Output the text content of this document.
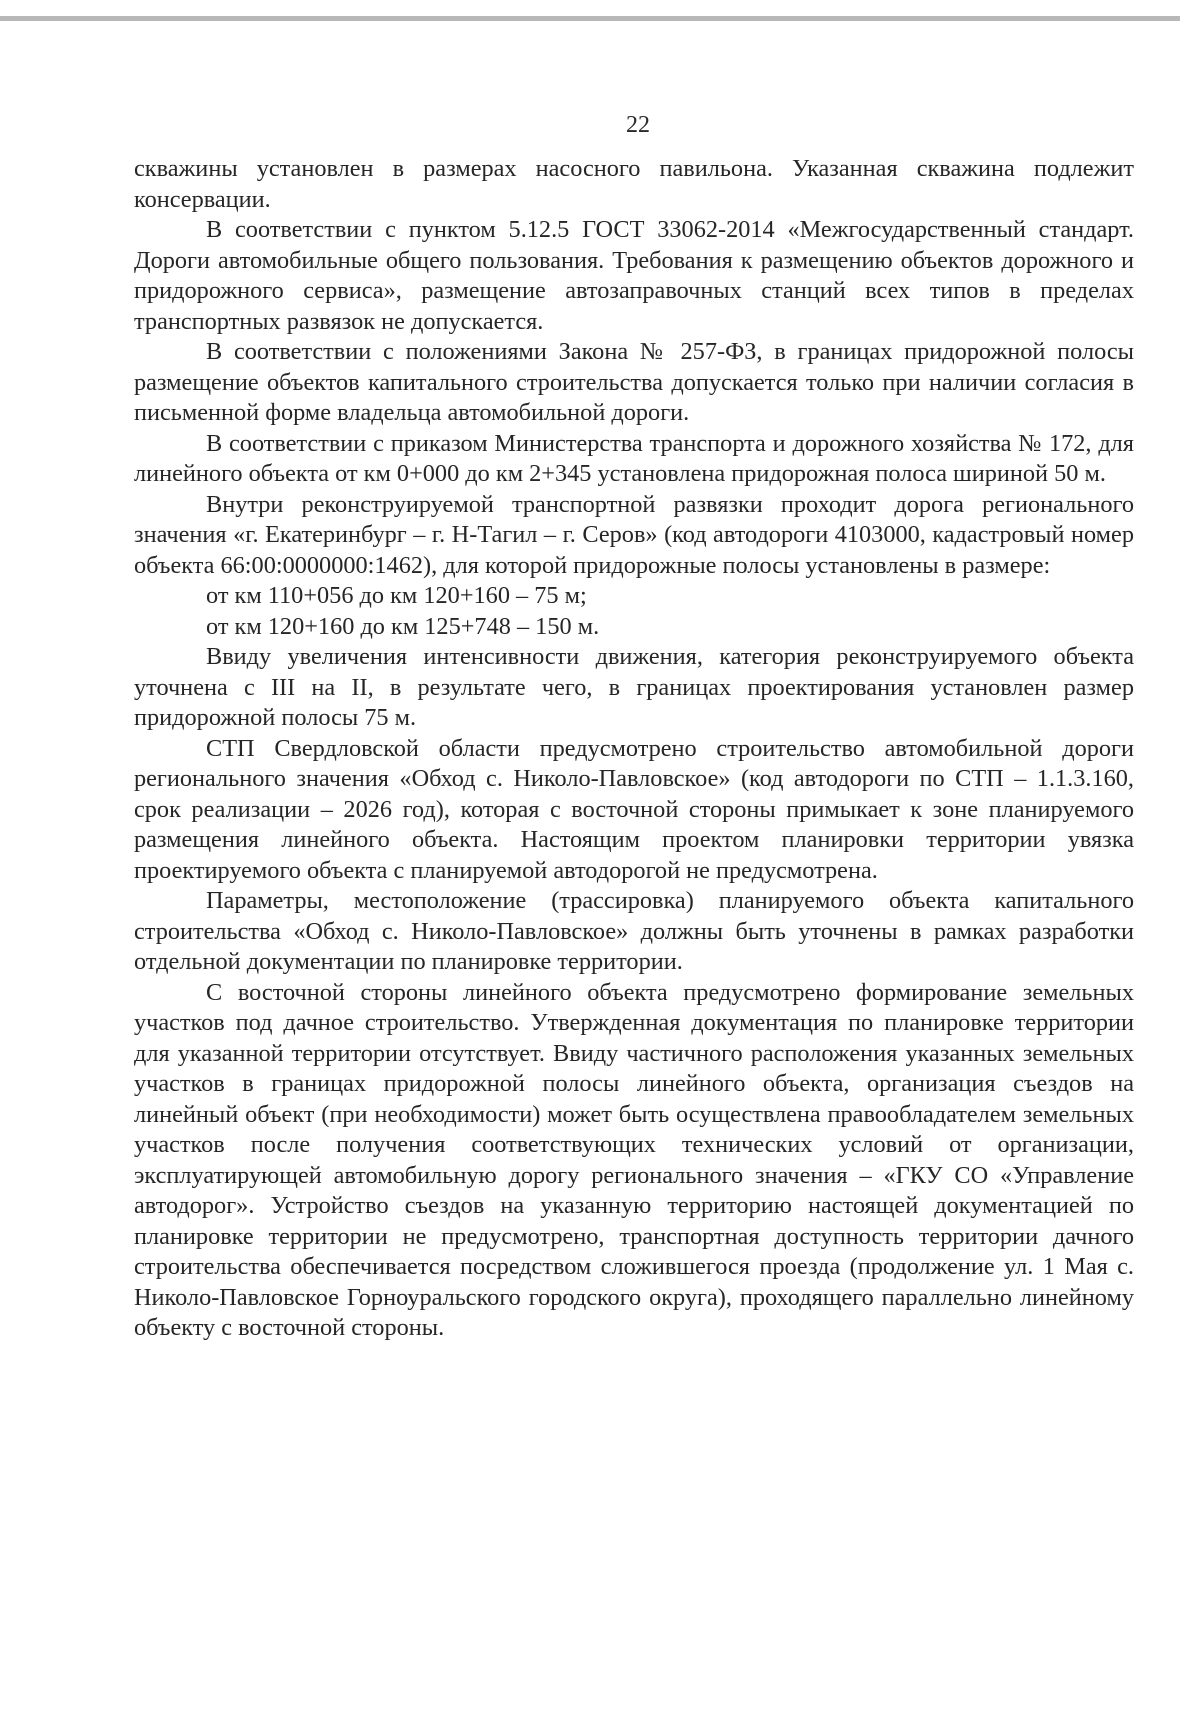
22

скважины установлен в размерах насосного павильона. Указанная скважина подлежит консервации.

В соответствии с пунктом 5.12.5 ГОСТ 33062-2014 «Межгосударственный стандарт. Дороги автомобильные общего пользования. Требования к размещению объектов дорожного и придорожного сервиса», размещение автозаправочных станций всех типов в пределах транспортных развязок не допускается.

В соответствии с положениями Закона № 257-ФЗ, в границах придорожной полосы размещение объектов капитального строительства допускается только при наличии согласия в письменной форме владельца автомобильной дороги.

В соответствии с приказом Министерства транспорта и дорожного хозяйства № 172, для линейного объекта от км 0+000 до км 2+345 установлена придорожная полоса шириной 50 м.

Внутри реконструируемой транспортной развязки проходит дорога регионального значения «г. Екатеринбург – г. Н-Тагил – г. Серов» (код автодороги 4103000, кадастровый номер объекта 66:00:0000000:1462), для которой придорожные полосы установлены в размере:

от км 110+056 до км 120+160 – 75 м;

от км 120+160 до км 125+748 – 150 м.

Ввиду увеличения интенсивности движения, категория реконструируемого объекта уточнена с III на II, в результате чего, в границах проектирования установлен размер придорожной полосы 75 м.

СТП Свердловской области предусмотрено строительство автомобильной дороги регионального значения «Обход с. Николо-Павловское» (код автодороги по СТП – 1.1.3.160, срок реализации – 2026 год), которая с восточной стороны примыкает к зоне планируемого размещения линейного объекта. Настоящим проектом планировки территории увязка проектируемого объекта с планируемой автодорогой не предусмотрена.

Параметры, местоположение (трассировка) планируемого объекта капитального строительства «Обход с. Николо-Павловское» должны быть уточнены в рамках разработки отдельной документации по планировке территории.

С восточной стороны линейного объекта предусмотрено формирование земельных участков под дачное строительство. Утвержденная документация по планировке территории для указанной территории отсутствует. Ввиду частичного расположения указанных земельных участков в границах придорожной полосы линейного объекта, организация съездов на линейный объект (при необходимости) может быть осуществлена правообладателем земельных участков после получения соответствующих технических условий от организации, эксплуатирующей автомобильную дорогу регионального значения – «ГКУ СО «Управление автодорог». Устройство съездов на указанную территорию настоящей документацией по планировке территории не предусмотрено, транспортная доступность территории дачного строительства обеспечивается посредством сложившегося проезда (продолжение ул. 1 Мая с. Николо-Павловское Горноуральского городского округа), проходящего параллельно линейному объекту с восточной стороны.
